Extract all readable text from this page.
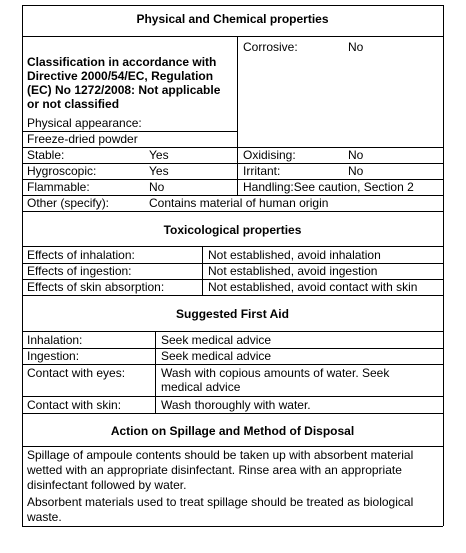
Physical and Chemical properties
Classification in accordance with Directive 2000/54/EC, Regulation (EC) No 1272/2008: Not applicable or not classified
Physical appearance:
Freeze-dried powder
Corrosive:	No
Stable:	Yes	Oxidising:	No
Hygroscopic:	Yes	Irritant:	No
Flammable:	No	Handling:See caution, Section 2
Other (specify):	Contains material of human origin
Toxicological properties
Effects of inhalation:	Not established, avoid inhalation
Effects of ingestion:	Not established, avoid ingestion
Effects of skin absorption:	Not established, avoid contact with skin
Suggested First Aid
Inhalation:	Seek medical advice
Ingestion:	Seek medical advice
Contact with eyes:	Wash with copious amounts of water. Seek medical advice
Contact with skin:	Wash thoroughly with water.
Action on Spillage and Method of Disposal
Spillage of ampoule contents should be taken up with absorbent material wetted with an appropriate disinfectant. Rinse area with an appropriate disinfectant followed by water.
Absorbent materials used to treat spillage should be treated as biological waste.
